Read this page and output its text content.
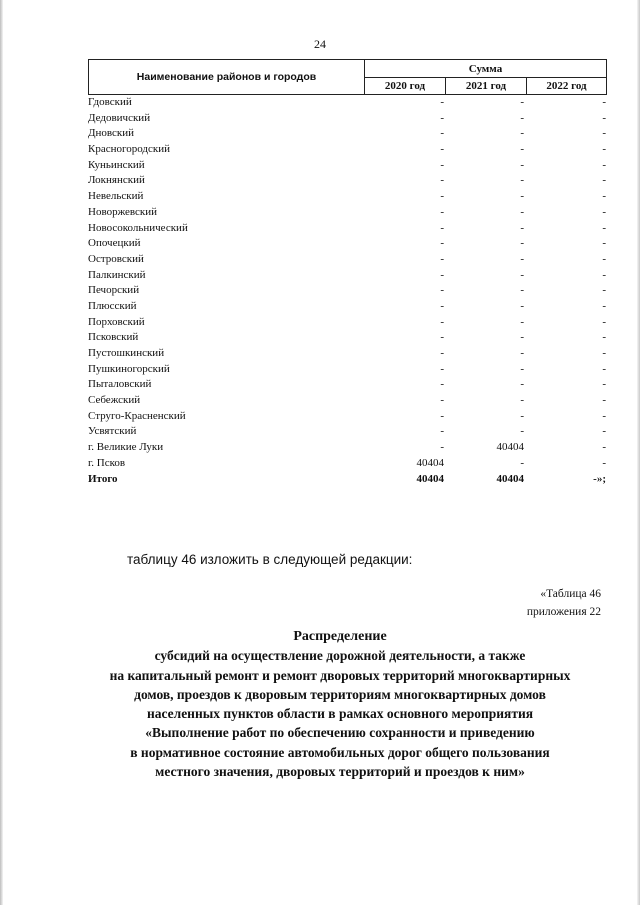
24
Наименование районов и городов
Сумма
2020 год	2021 год	2022 год
Гдовский	-	-	-
Дедовичский	-	-	-
Дновский	-	-	-
Красногородский	-	-	-
Куньинский	-	-	-
Локнянский	-	-	-
Невельский	-	-	-
Новоржевский	-	-	-
Новосокольнический	-	-	-
Опочецкий	-	-	-
Островский	-	-	-
Палкинский	-	-	-
Печорский	-	-	-
Плюсский	-	-	-
Порховский	-	-	-
Псковский	-	-	-
Пустошкинский	-	-	-
Пушкиногорский	-	-	-
Пыталовский	-	-	-
Себежский	-	-	-
Струго-Красненский	-	-	-
Усвятский	-	-	-
г. Великие Луки	-	40404	-
г. Псков	40404	-	-
Итого	40404	40404	-»;
таблицу 46 изложить в следующей редакции:
«Таблица 46
приложения 22
Распределение
субсидий на осуществление дорожной деятельности, а также
на капитальный ремонт и ремонт дворовых территорий многоквартирных
домов, проездов к дворовым территориям многоквартирных домов
населенных пунктов области в рамках основного мероприятия
«Выполнение работ по обеспечению сохранности и приведению
в нормативное состояние автомобильных дорог общего пользования
местного значения, дворовых территорий и проездов к ним»
